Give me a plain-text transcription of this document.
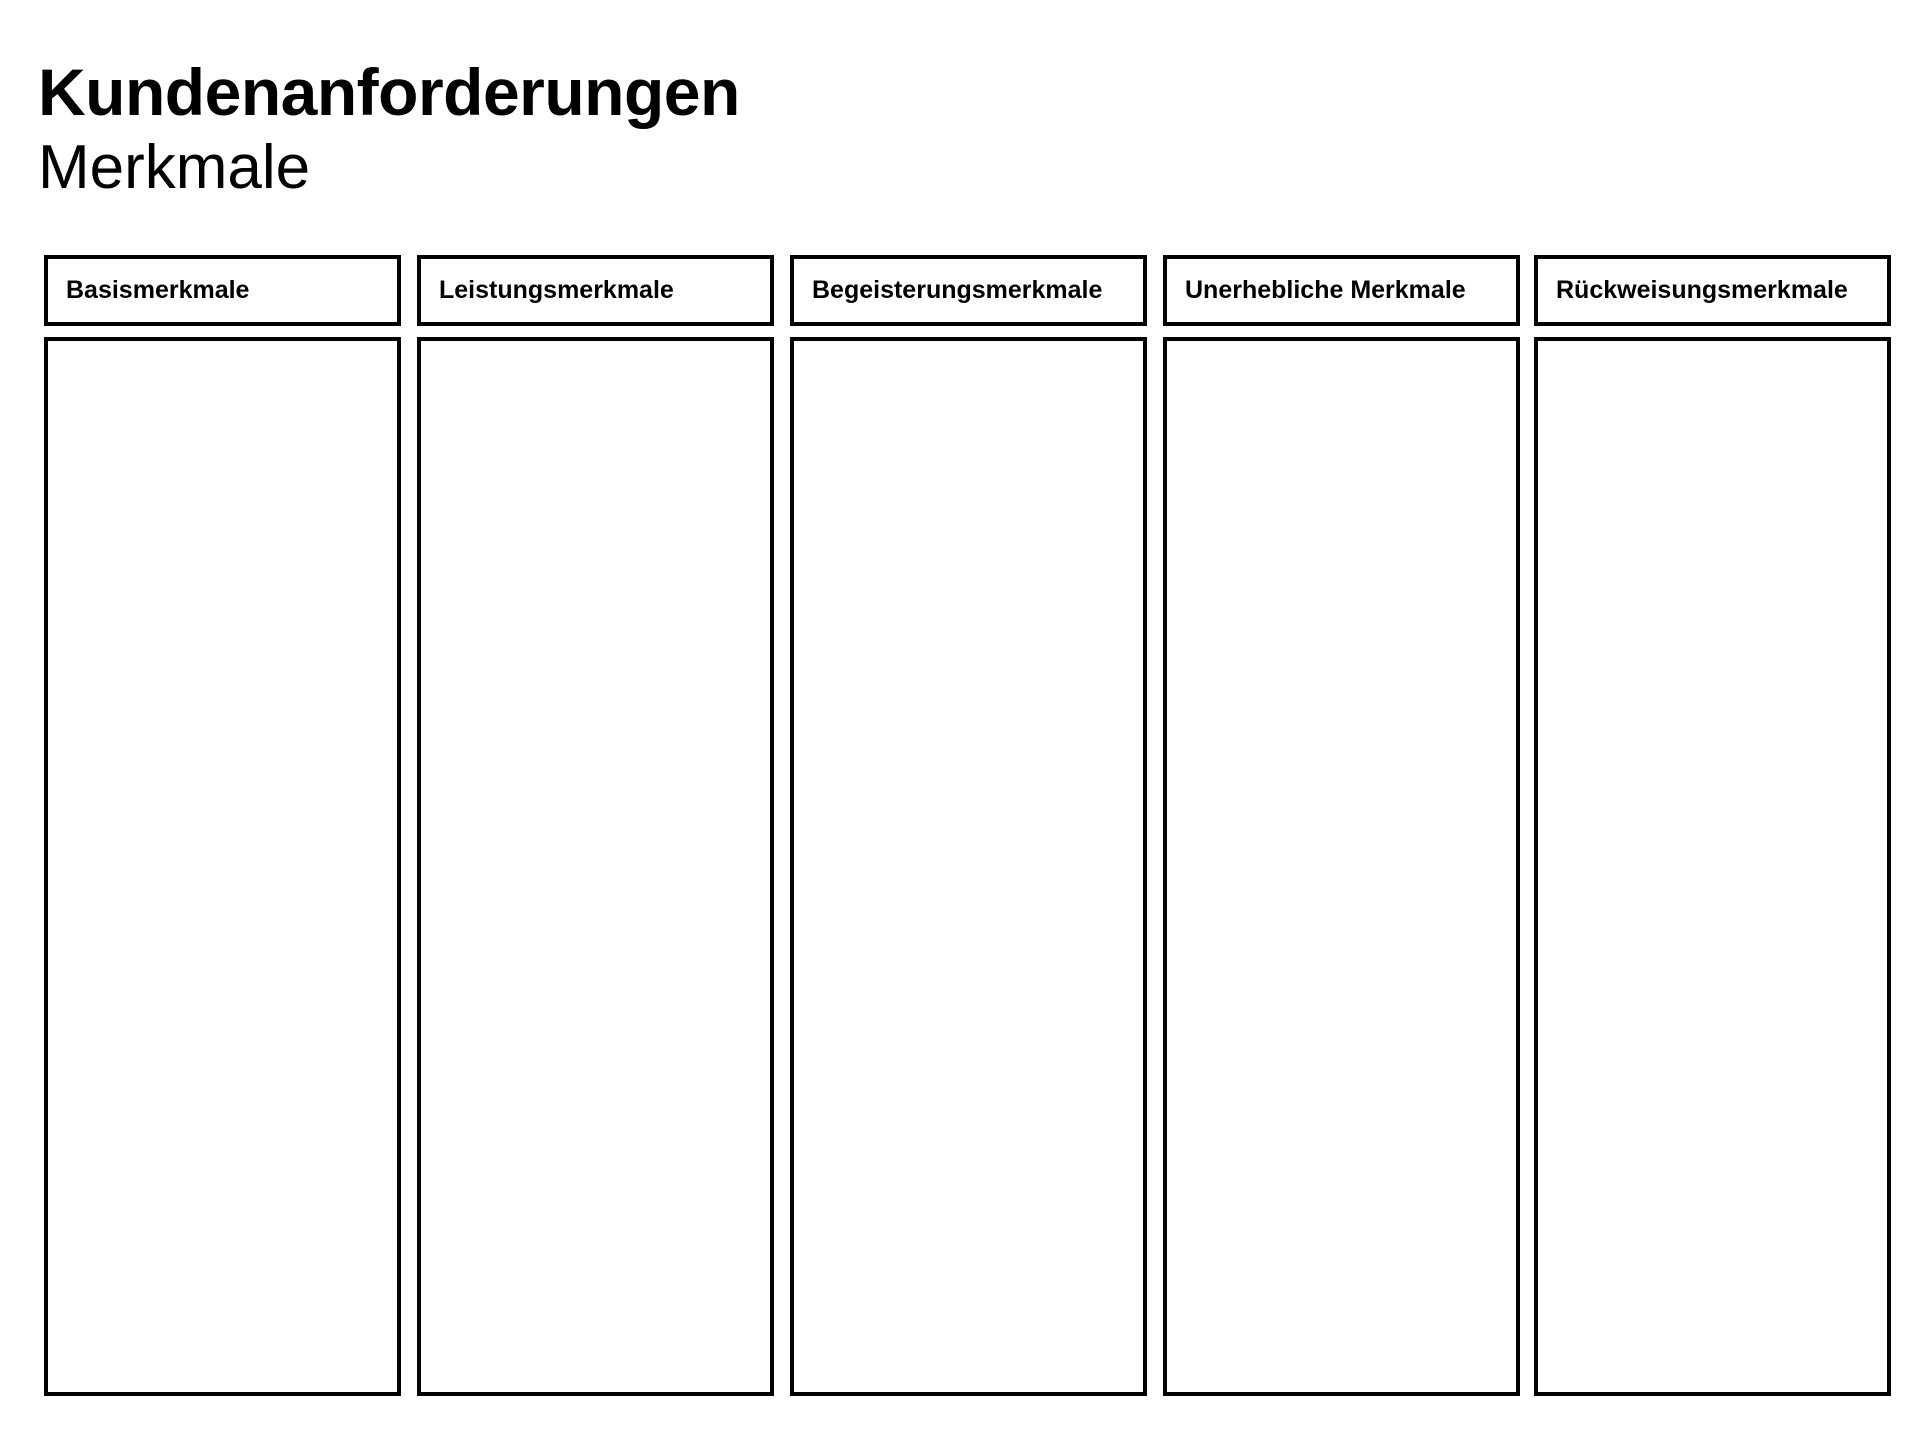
Kundenanforderungen
Merkmale
Basismerkmale	Leistungsmerkmale	Begeisterungsmerkmale	Unerhebliche Merkmale	Rückweisungsmerkmale
